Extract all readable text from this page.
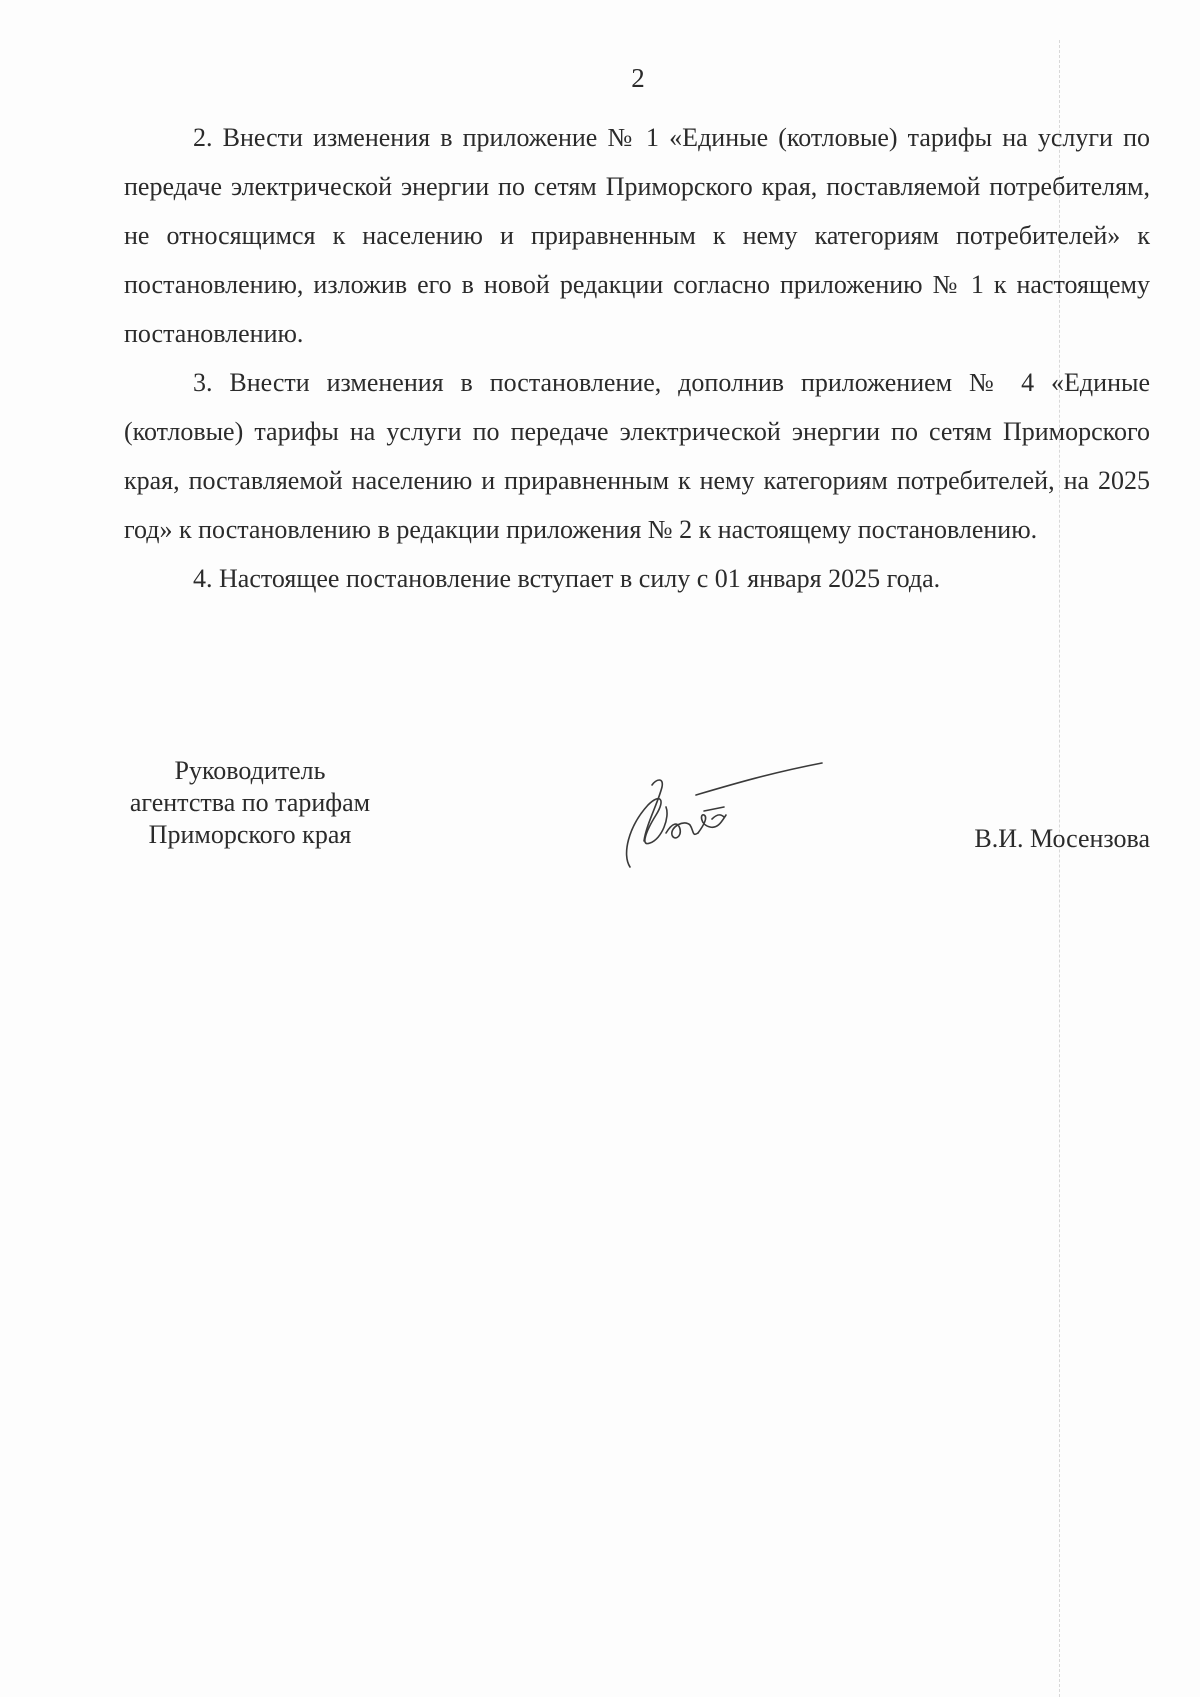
2

2. Внести изменения в приложение № 1 «Единые (котловые) тарифы на услуги по передаче электрической энергии по сетям Приморского края, поставляемой потребителям, не относящимся к населению и приравненным к нему категориям потребителей» к постановлению, изложив его в новой редакции согласно приложению № 1 к настоящему постановлению.

3. Внести изменения в постановление, дополнив приложением № 4 «Единые (котловые) тарифы на услуги по передаче электрической энергии по сетям Приморского края, поставляемой населению и приравненным к нему категориям потребителей, на 2025 год» к постановлению в редакции приложения № 2 к настоящему постановлению.

4. Настоящее постановление вступает в силу с 01 января 2025 года.

Руководитель
агентства по тарифам
Приморского края	В.И. Мосензова
